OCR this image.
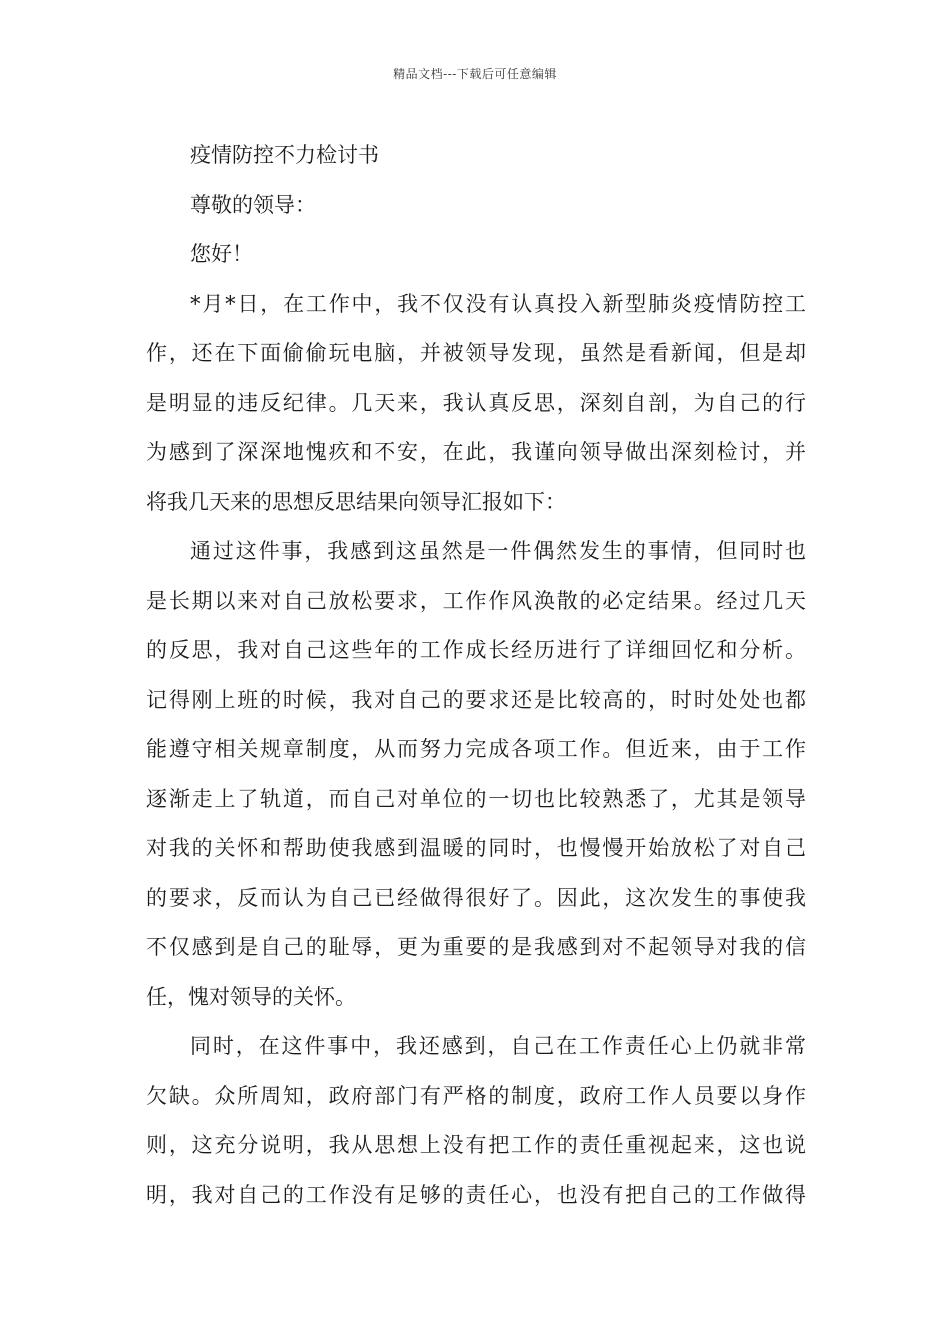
精品文档---下载后可任意编辑
疫情防控不力检讨书
尊敬的领导：
您好！
*月*日，在工作中，我不仅没有认真投入新型肺炎疫情防控工
作，还在下面偷偷玩电脑，并被领导发现，虽然是看新闻，但是却
是明显的违反纪律。几天来，我认真反思，深刻自剖，为自己的行
为感到了深深地愧疚和不安，在此，我谨向领导做出深刻检讨，并
将我几天来的思想反思结果向领导汇报如下：
通过这件事，我感到这虽然是一件偶然发生的事情，但同时也
是长期以来对自己放松要求，工作作风涣散的必定结果。经过几天
的反思，我对自己这些年的工作成长经历进行了详细回忆和分析。
记得刚上班的时候，我对自己的要求还是比较高的，时时处处也都
能遵守相关规章制度，从而努力完成各项工作。但近来，由于工作
逐渐走上了轨道，而自己对单位的一切也比较熟悉了，尤其是领导
对我的关怀和帮助使我感到温暖的同时，也慢慢开始放松了对自己
的要求，反而认为自己已经做得很好了。因此，这次发生的事使我
不仅感到是自己的耻辱，更为重要的是我感到对不起领导对我的信
任，愧对领导的关怀。
同时，在这件事中，我还感到，自己在工作责任心上仍就非常
欠缺。众所周知，政府部门有严格的制度，政府工作人员要以身作
则，这充分说明，我从思想上没有把工作的责任重视起来，这也说
明，我对自己的工作没有足够的责任心，也没有把自己的工作做得
